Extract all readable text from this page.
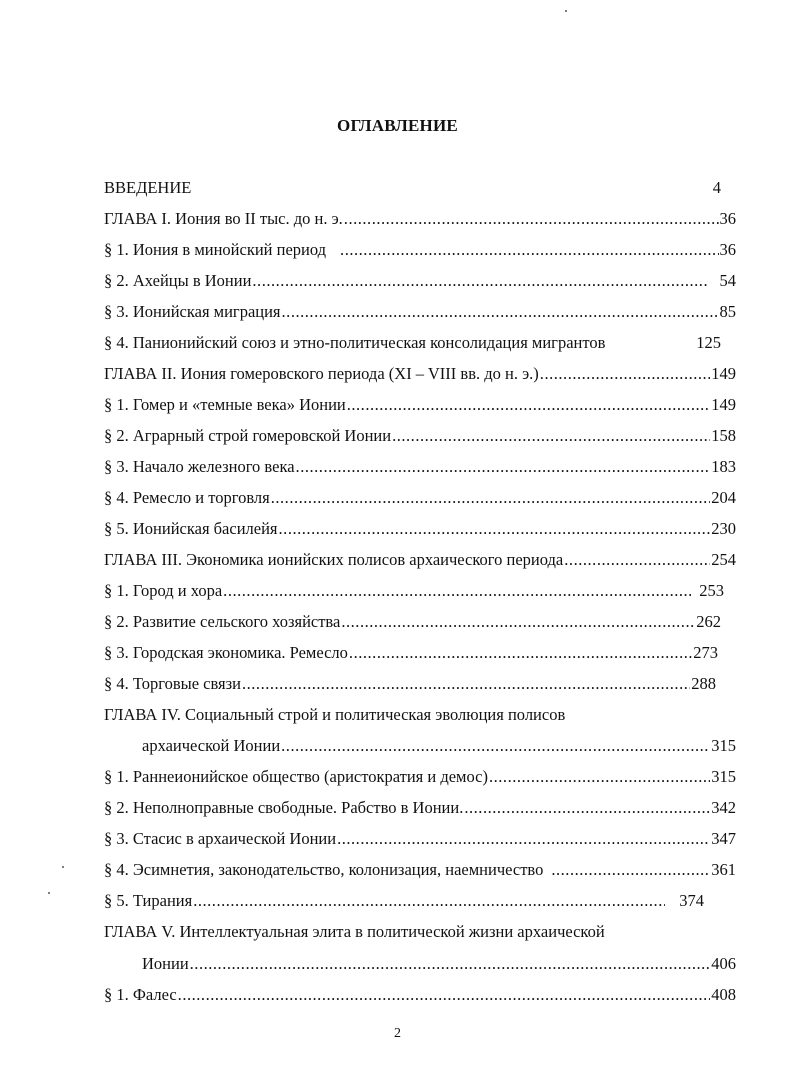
ОГЛАВЛЕНИЕ
ВВЕДЕНИЕ	4
ГЛАВА I. Иония во II тыс. до н. э. . . .	36
§ 1. Иония в минойский период . . .	36
§ 2. Ахейцы в Ионии . . .	54
§ 3. Ионийская миграция . . .	85
§ 4. Панионийский союз и этно-политическая консолидация мигрантов	125
ГЛАВА II. Иония гомеровского периода (XI – VIII вв. до н. э.) . . .	149
§ 1. Гомер и «темные века» Ионии . . .	149
§ 2. Аграрный строй гомеровской Ионии . . .	158
§ 3. Начало железного века . . .	183
§ 4. Ремесло и торговля . . .	204
§ 5. Ионийская басилейя . . .	230
ГЛАВА III. Экономика ионийских полисов архаического периода . . .	254
§ 1. Город и хора . . .	253
§ 2. Развитие сельского хозяйства . . .	262
§ 3. Городская экономика. Ремесло . . .	273
§ 4. Торговые связи . . .	288
ГЛАВА IV. Социальный строй и политическая эволюция полисов
архаической Ионии . . .	315
§ 1. Раннеионийское общество (аристократия и демос) . . .	315
§ 2. Неполноправные свободные. Рабство в Ионии. . . .	342
§ 3. Стасис в архаической Ионии . . .	347
§ 4. Эсимнетия, законодательство, колонизация, наемничество . . .	361
§ 5. Тирания . . .	374
ГЛАВА V. Интеллектуальная элита в политической жизни архаической
Ионии . . .	406
§ 1. Фалес . . .	408
2
